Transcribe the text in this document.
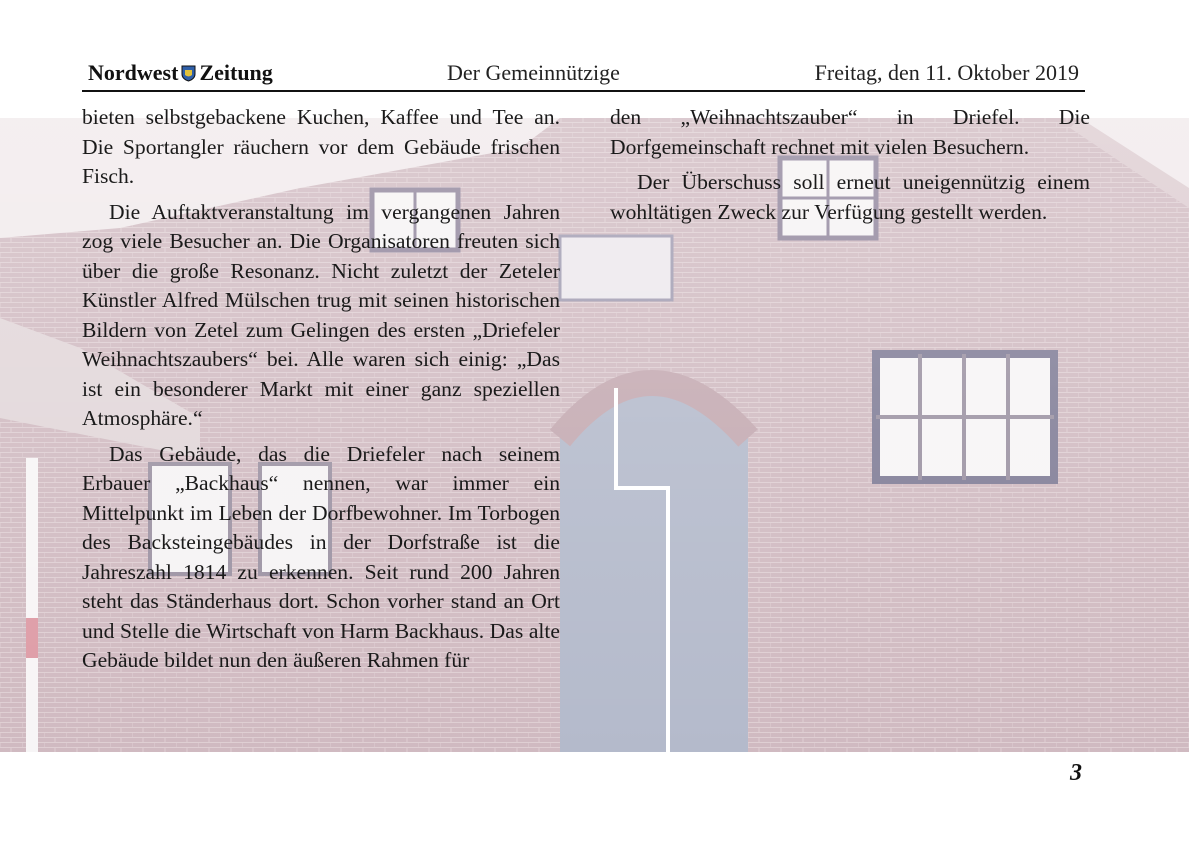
Nordwest Zeitung	Der Gemeinnützige	Freitag, den 11. Oktober 2019

bieten selbstgebackene Kuchen, Kaffee und Tee an. Die Sportangler räuchern vor dem Gebäude frischen Fisch.

Die Auftaktveranstaltung im vergangenen Jahren zog viele Besucher an. Die Organisatoren freuten sich über die große Resonanz. Nicht zuletzt der Zeteler Künstler Alfred Mülschen trug mit seinen historischen Bildern von Zetel zum Gelingen des ersten „Driefeler Weihnachtszaubers“ bei. Alle waren sich einig: „Das ist ein besonderer Markt mit einer ganz speziellen Atmosphäre.“

Das Gebäude, das die Driefeler nach seinem Erbauer „Backhaus“ nennen, war immer ein Mittelpunkt im Leben der Dorfbewohner. Im Torbogen des Backsteingebäudes in der Dorfstraße ist die Jahreszahl 1814 zu erkennen. Seit rund 200 Jahren steht das Ständerhaus dort. Schon vorher stand an Ort und Stelle die Wirtschaft von Harm Backhaus. Das alte Gebäude bildet nun den äußeren Rahmen für

den „Weihnachtszauber“ in Driefel. Die Dorfgemeinschaft rechnet mit vielen Besuchern.

Der Überschuss soll erneut uneigennützig einem wohltätigen Zweck zur Verfügung gestellt werden.

3
